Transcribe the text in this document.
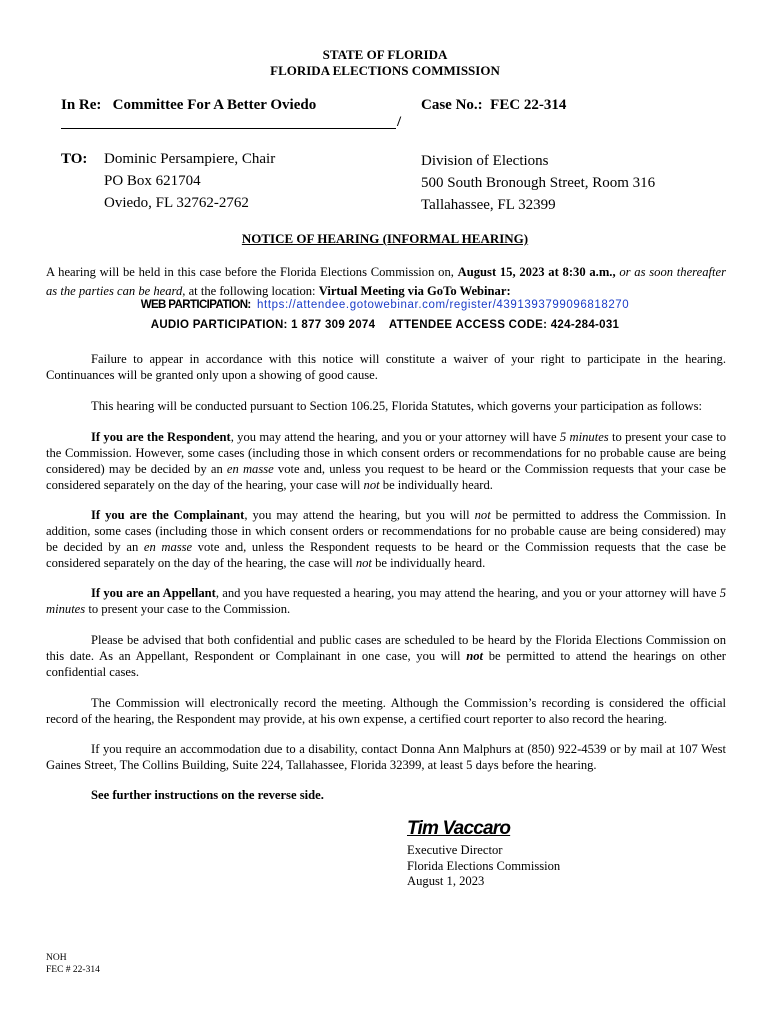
STATE OF FLORIDA
FLORIDA ELECTIONS COMMISSION
In Re: Committee For A Better Oviedo	Case No.: FEC 22-314
/
TO: Dominic Persampiere, Chair
PO Box 621704
Oviedo, FL 32762-2762
Division of Elections
500 South Bronough Street, Room 316
Tallahassee, FL 32399
NOTICE OF HEARING (INFORMAL HEARING)
A hearing will be held in this case before the Florida Elections Commission on, August 15, 2023 at 8:30 a.m., or as soon thereafter as the parties can be heard, at the following location: Virtual Meeting via GoTo Webinar:
WEB PARTICIPATION: https://attendee.gotowebinar.com/register/4391393799096818270
AUDIO PARTICIPATION: 1 877 309 2074    ATTENDEE ACCESS CODE: 424-284-031
Failure to appear in accordance with this notice will constitute a waiver of your right to participate in the hearing. Continuances will be granted only upon a showing of good cause.
This hearing will be conducted pursuant to Section 106.25, Florida Statutes, which governs your participation as follows:
If you are the Respondent, you may attend the hearing, and you or your attorney will have 5 minutes to present your case to the Commission. However, some cases (including those in which consent orders or recommendations for no probable cause are being considered) may be decided by an en masse vote and, unless you request to be heard or the Commission requests that your case be considered separately on the day of the hearing, your case will not be individually heard.
If you are the Complainant, you may attend the hearing, but you will not be permitted to address the Commission. In addition, some cases (including those in which consent orders or recommendations for no probable cause are being considered) may be decided by an en masse vote and, unless the Respondent requests to be heard or the Commission requests that the case be considered separately on the day of the hearing, the case will not be individually heard.
If you are an Appellant, and you have requested a hearing, you may attend the hearing, and you or your attorney will have 5 minutes to present your case to the Commission.
Please be advised that both confidential and public cases are scheduled to be heard by the Florida Elections Commission on this date. As an Appellant, Respondent or Complainant in one case, you will not be permitted to attend the hearings on other confidential cases.
The Commission will electronically record the meeting. Although the Commission’s recording is considered the official record of the hearing, the Respondent may provide, at his own expense, a certified court reporter to also record the hearing.
If you require an accommodation due to a disability, contact Donna Ann Malphurs at (850) 922-4539 or by mail at 107 West Gaines Street, The Collins Building, Suite 224, Tallahassee, Florida 32399, at least 5 days before the hearing.
See further instructions on the reverse side.
Tim Vaccaro
Executive Director
Florida Elections Commission
August 1, 2023
NOH
FEC # 22-314
